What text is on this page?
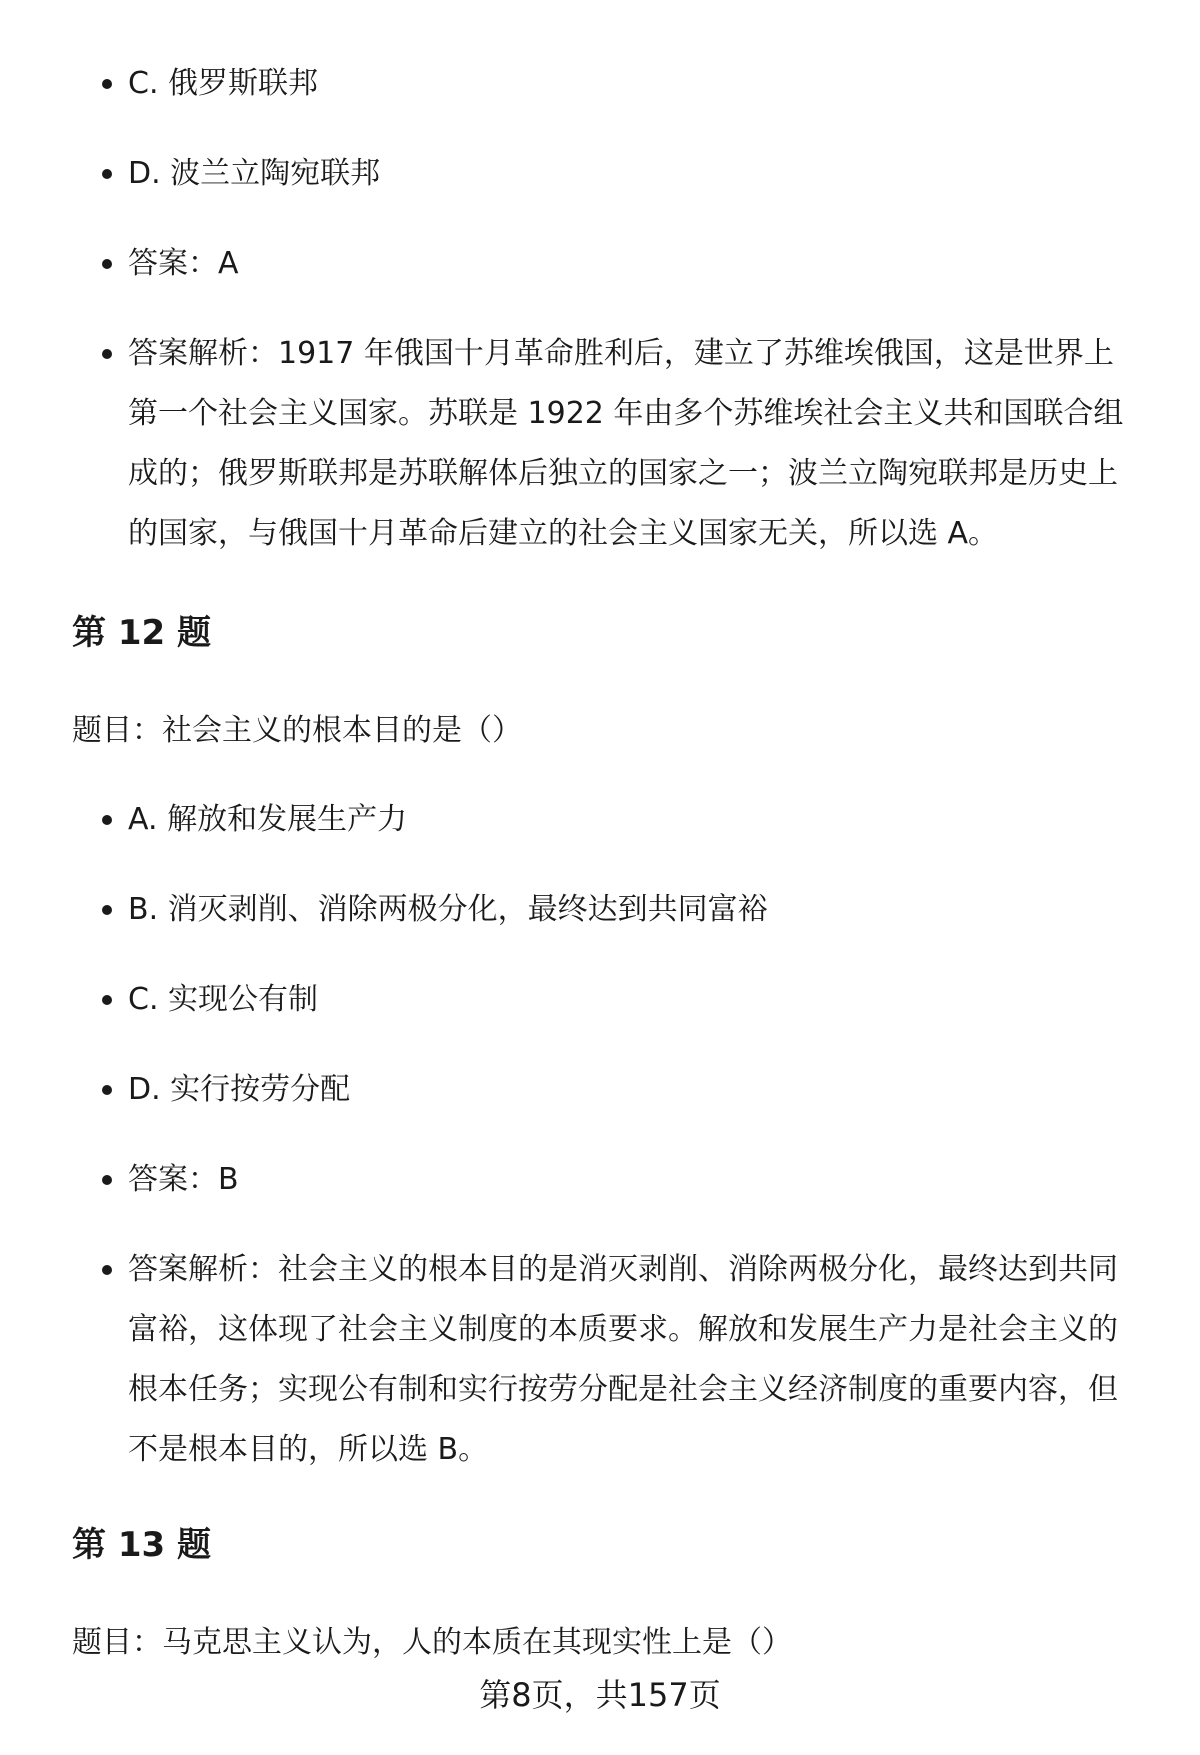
C. 俄罗斯联邦
D. 波兰立陶宛联邦
答案：A
答案解析：1917 年俄国十月革命胜利后，建立了苏维埃俄国，这是世界上第一个社会主义国家。苏联是 1922 年由多个苏维埃社会主义共和国联合组成的；俄罗斯联邦是苏联解体后独立的国家之一；波兰立陶宛联邦是历史上的国家，与俄国十月革命后建立的社会主义国家无关，所以选 A。
第 12 题
题目：社会主义的根本目的是（）
A. 解放和发展生产力
B. 消灭剥削、消除两极分化，最终达到共同富裕
C. 实现公有制
D. 实行按劳分配
答案：B
答案解析：社会主义的根本目的是消灭剥削、消除两极分化，最终达到共同富裕，这体现了社会主义制度的本质要求。解放和发展生产力是社会主义的根本任务；实现公有制和实行按劳分配是社会主义经济制度的重要内容，但不是根本目的，所以选 B。
第 13 题
题目：马克思主义认为，人的本质在其现实性上是（）
第8页，共157页
